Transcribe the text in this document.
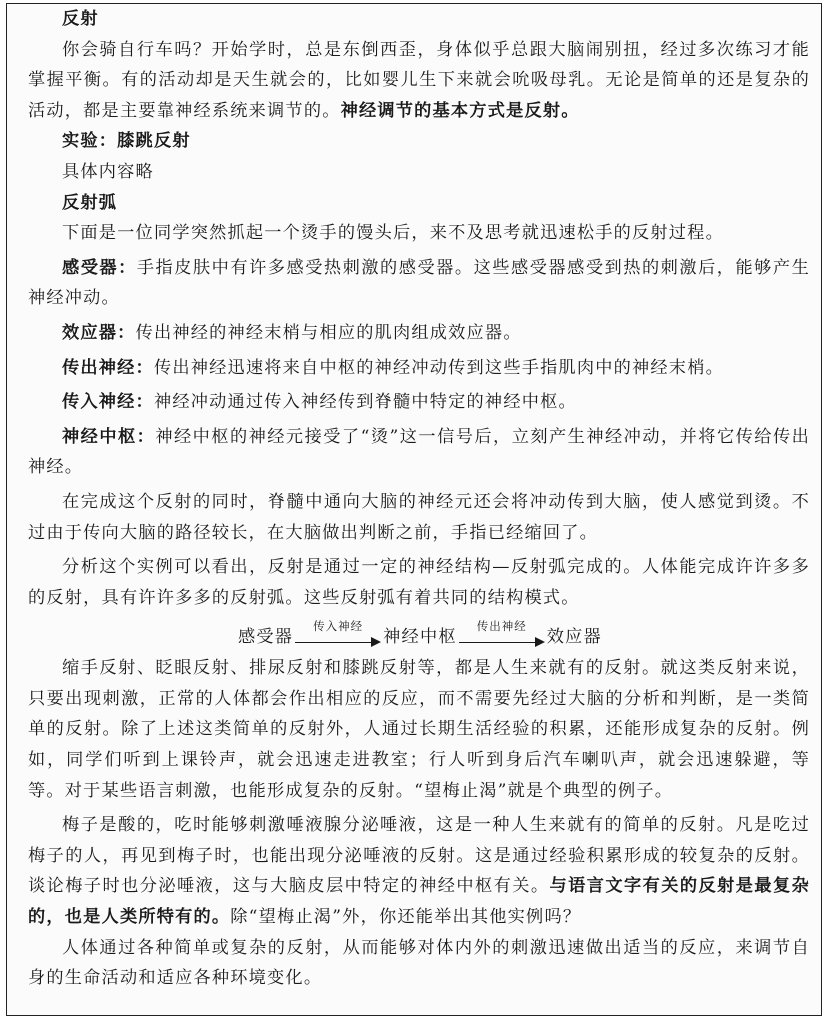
反射

你会骑自行车吗？开始学时，总是东倒西歪，身体似乎总跟大脑闹别扭，经过多次练习才能掌握平衡。有的活动却是天生就会的，比如婴儿生下来就会吮吸母乳。无论是简单的还是复杂的活动，都是主要靠神经系统来调节的。神经调节的基本方式是反射。

实验：膝跳反射

具体内容略

反射弧

下面是一位同学突然抓起一个烫手的馒头后，来不及思考就迅速松手的反射过程。

感受器：手指皮肤中有许多感受热刺激的感受器。这些感受器感受到热的刺激后，能够产生神经冲动。

效应器：传出神经的神经末梢与相应的肌肉组成效应器。

传出神经：传出神经迅速将来自中枢的神经冲动传到这些手指肌肉中的神经末梢。

传入神经：神经冲动通过传入神经传到脊髓中特定的神经中枢。

神经中枢：神经中枢的神经元接受了“烫”这一信号后，立刻产生神经冲动，并将它传给传出神经。

在完成这个反射的同时，脊髓中通向大脑的神经元还会将冲动传到大脑，使人感觉到烫。不过由于传向大脑的路径较长，在大脑做出判断之前，手指已经缩回了。

分析这个实例可以看出，反射是通过一定的神经结构—反射弧完成的。人体能完成许许多多的反射，具有许许多多的反射弧。这些反射弧有着共同的结构模式。

感受器
传入神经
神经中枢
传出神经
效应器

缩手反射、眨眼反射、排尿反射和膝跳反射等，都是人生来就有的反射。就这类反射来说，只要出现刺激，正常的人体都会作出相应的反应，而不需要先经过大脑的分析和判断，是一类简单的反射。除了上述这类简单的反射外，人通过长期生活经验的积累，还能形成复杂的反射。例如，同学们听到上课铃声，就会迅速走进教室；行人听到身后汽车喇叭声，就会迅速躲避，等等。对于某些语言刺激，也能形成复杂的反射。“望梅止渴”就是个典型的例子。

梅子是酸的，吃时能够刺激唾液腺分泌唾液，这是一种人生来就有的简单的反射。凡是吃过梅子的人，再见到梅子时，也能出现分泌唾液的反射。这是通过经验积累形成的较复杂的反射。谈论梅子时也分泌唾液，这与大脑皮层中特定的神经中枢有关。与语言文字有关的反射是最复杂的，也是人类所特有的。除“望梅止渴”外，你还能举出其他实例吗？

人体通过各种简单或复杂的反射，从而能够对体内外的刺激迅速做出适当的反应，来调节自身的生命活动和适应各种环境变化。
